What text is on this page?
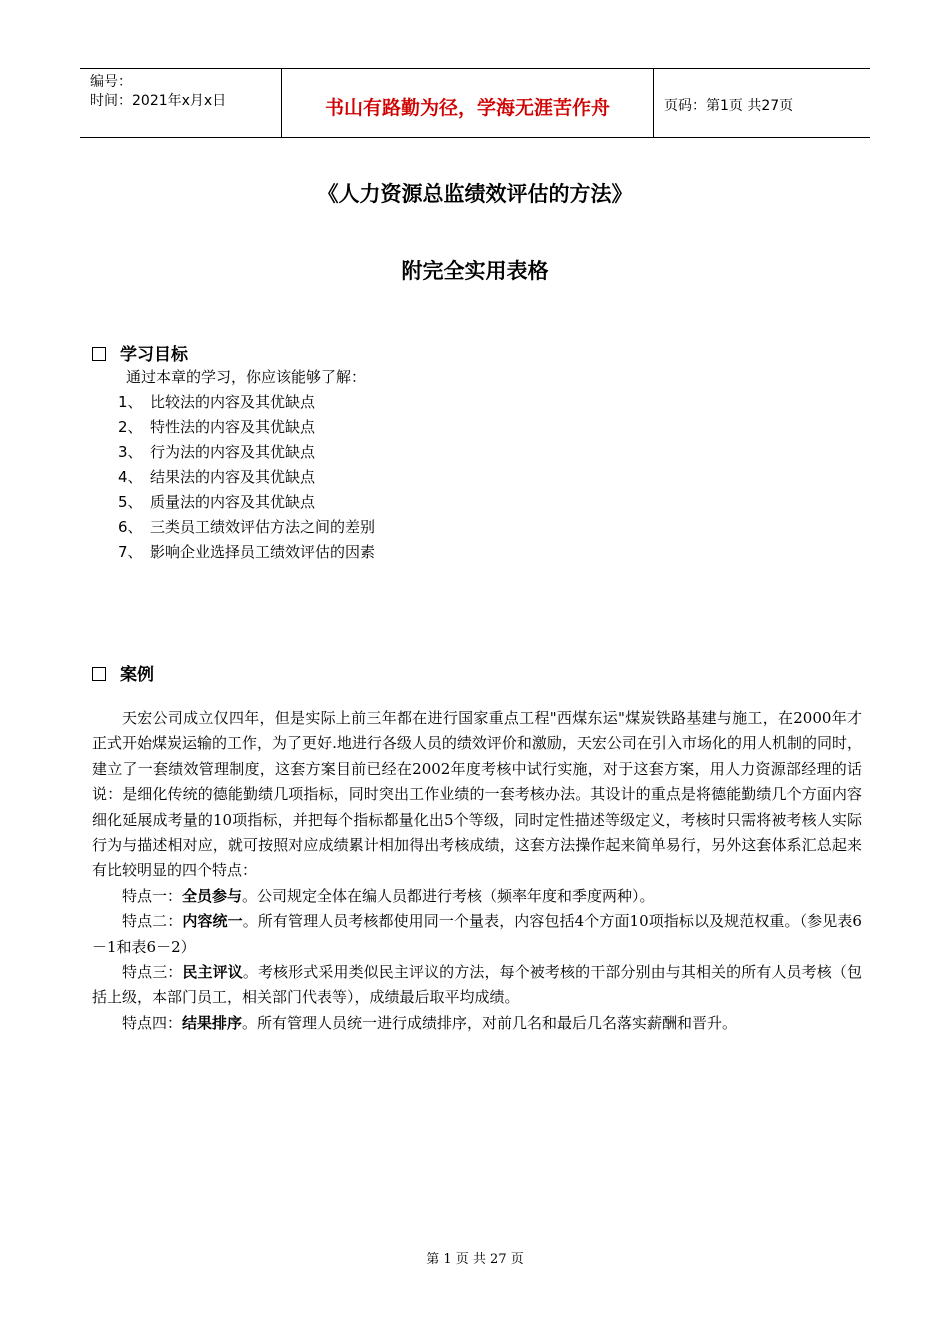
编号：
时间：2021年x月x日	书山有路勤为径，学海无涯苦作舟	页码：第1页 共27页
《人力资源总监绩效评估的方法》
附完全实用表格
学习目标
通过本章的学习，你应该能够了解：
1、 比较法的内容及其优缺点
2、 特性法的内容及其优缺点
3、 行为法的内容及其优缺点
4、 结果法的内容及其优缺点
5、 质量法的内容及其优缺点
6、 三类员工绩效评估方法之间的差别
7、 影响企业选择员工绩效评估的因素
案例

天宏公司成立仅四年，但是实际上前三年都在进行国家重点工程"西煤东运"煤炭铁路基建与施工，在2000年才正式开始煤炭运输的工作，为了更好.地进行各级人员的绩效评价和激励，天宏公司在引入市场化的用人机制的同时，建立了一套绩效管理制度，这套方案目前已经在2002年度考核中试行实施，对于这套方案，用人力资源部经理的话说：是细化传统的德能勤绩几项指标，同时突出工作业绩的一套考核办法。其设计的重点是将德能勤绩几个方面内容细化延展成考量的10项指标，并把每个指标都量化出5个等级，同时定性描述等级定义，考核时只需将被考核人实际行为与描述相对应，就可按照对应成绩累计相加得出考核成绩，这套方法操作起来简单易行，另外这套体系汇总起来有比较明显的四个特点：

特点一：全员参与。公司规定全体在编人员都进行考核（频率年度和季度两种）。

特点二：内容统一。所有管理人员考核都使用同一个量表，内容包括4个方面10项指标以及规范权重。（参见表6－1和表6－2）

特点三：民主评议。考核形式采用类似民主评议的方法，每个被考核的干部分别由与其相关的所有人员考核（包括上级，本部门员工，相关部门代表等），成绩最后取平均成绩。

特点四：结果排序。所有管理人员统一进行成绩排序，对前几名和最后几名落实薪酬和晋升。

第 1 页 共 27 页
